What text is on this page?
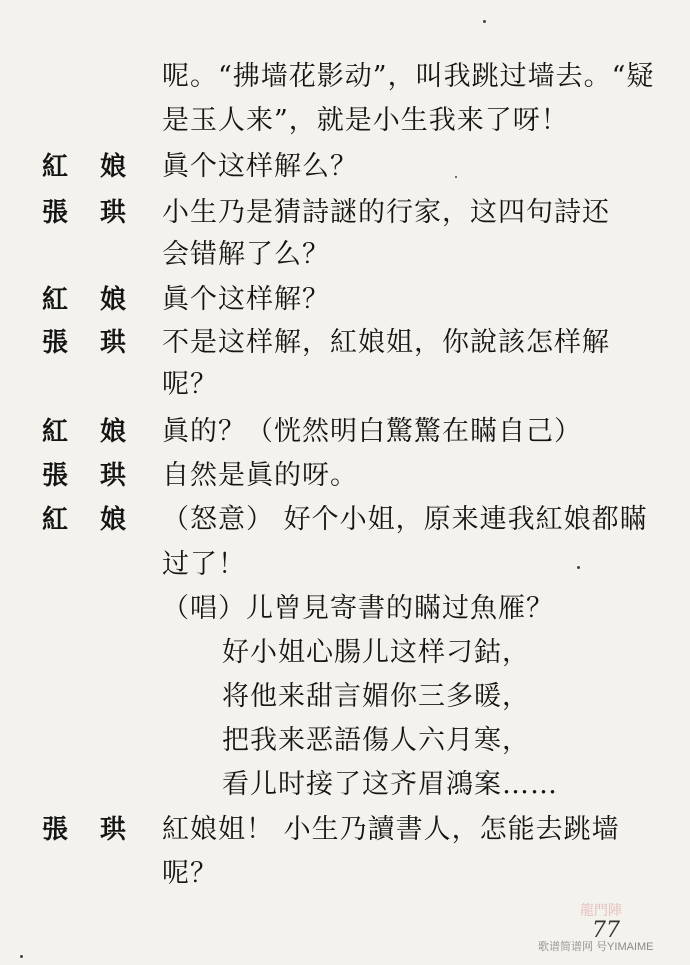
呢。“拂墙花影动”，叫我跳过墙去。“疑
是玉人来”，就是小生我来了呀！
紅 娘 眞个这样解么？
張 珙 小生乃是猜詩謎的行家，这四句詩还
会错解了么？
紅 娘 眞个这样解？
張 珙 不是这样解，紅娘姐，你說該怎样解
呢？
紅 娘 眞的？（恍然明白驚驚在瞞自己）
張 珙 自然是眞的呀。
紅 娘 （怒意） 好个小姐，原来連我紅娘都瞞
过了！
（唱）儿曾見寄書的瞞过魚雁？
好小姐心腸儿这样刁鈷，
将他来甜言媚你三多暖，
把我来恶語傷人六月寒，
看儿时接了这齐眉鴻案……
張 珙 紅娘姐！ 小生乃讀書人，怎能去跳墙
呢？
77
龍門陣
歌谱简谱网 号YIMAIME
